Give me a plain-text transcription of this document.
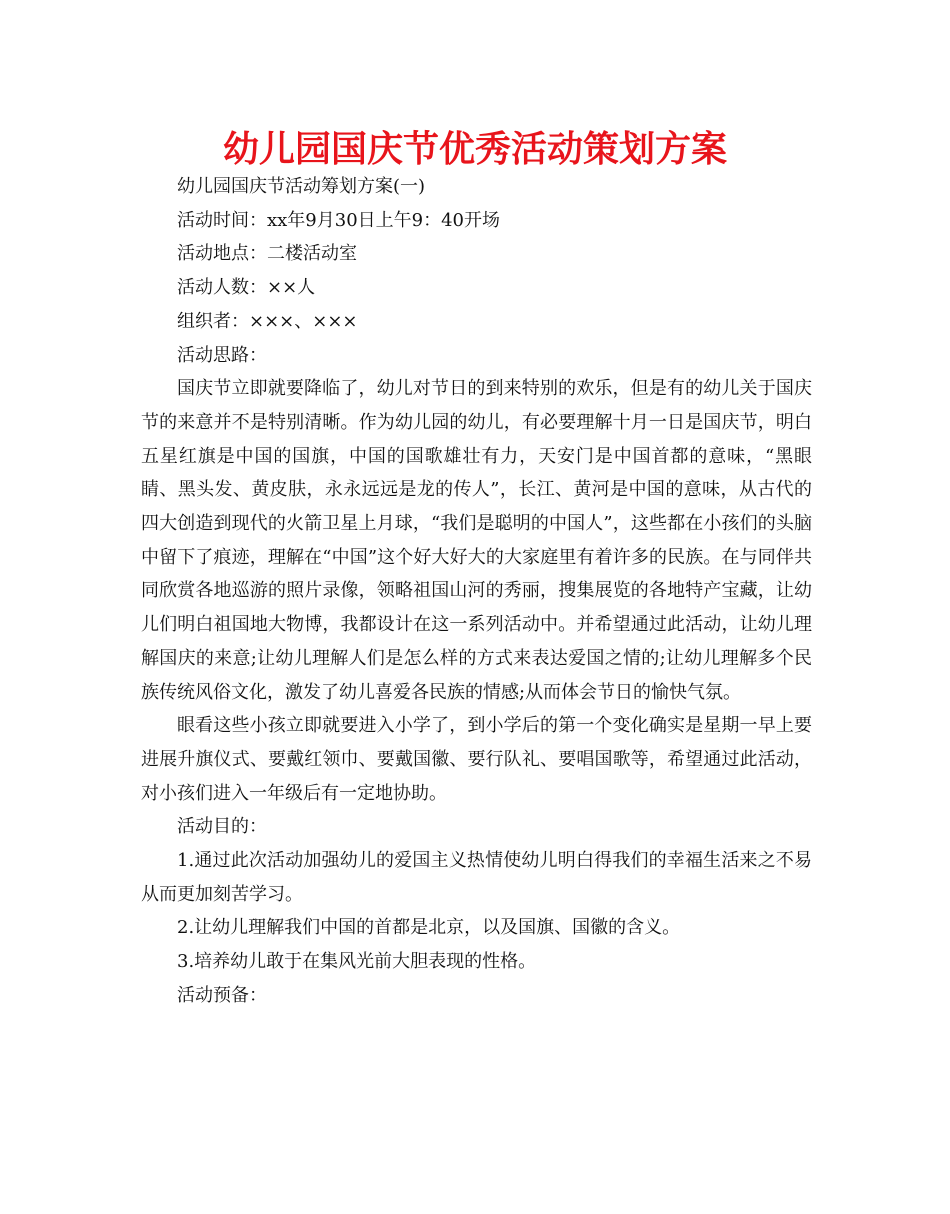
幼儿园国庆节优秀活动策划方案

幼儿园国庆节活动筹划方案(一)

活动时间：xx年9月30日上午9：40开场

活动地点：二楼活动室

活动人数：××人

组织者：×××、×××

活动思路：

国庆节立即就要降临了，幼儿对节日的到来特别的欢乐，但是有的幼儿关于国庆节的来意并不是特别清晰。作为幼儿园的幼儿，有必要理解十月一日是国庆节，明白五星红旗是中国的国旗，中国的国歌雄壮有力，天安门是中国首都的意味，“黑眼睛、黑头发、黄皮肤，永永远远是龙的传人”，长江、黄河是中国的意味，从古代的四大创造到现代的火箭卫星上月球，“我们是聪明的中国人”，这些都在小孩们的头脑中留下了痕迹，理解在“中国”这个好大好大的大家庭里有着许多的民族。在与同伴共同欣赏各地巡游的照片录像，领略祖国山河的秀丽，搜集展览的各地特产宝藏，让幼儿们明白祖国地大物博，我都设计在这一系列活动中。并希望通过此活动，让幼儿理解国庆的来意;让幼儿理解人们是怎么样的方式来表达爱国之情的;让幼儿理解多个民族传统风俗文化，激发了幼儿喜爱各民族的情感;从而体会节日的愉快气氛。

眼看这些小孩立即就要进入小学了，到小学后的第一个变化确实是星期一早上要进展升旗仪式、要戴红领巾、要戴国徽、要行队礼、要唱国歌等，希望通过此活动，对小孩们进入一年级后有一定地协助。

活动目的：

1.通过此次活动加强幼儿的爱国主义热情使幼儿明白得我们的幸福生活来之不易从而更加刻苦学习。

2.让幼儿理解我们中国的首都是北京，以及国旗、国徽的含义。

3.培养幼儿敢于在集风光前大胆表现的性格。

活动预备：
